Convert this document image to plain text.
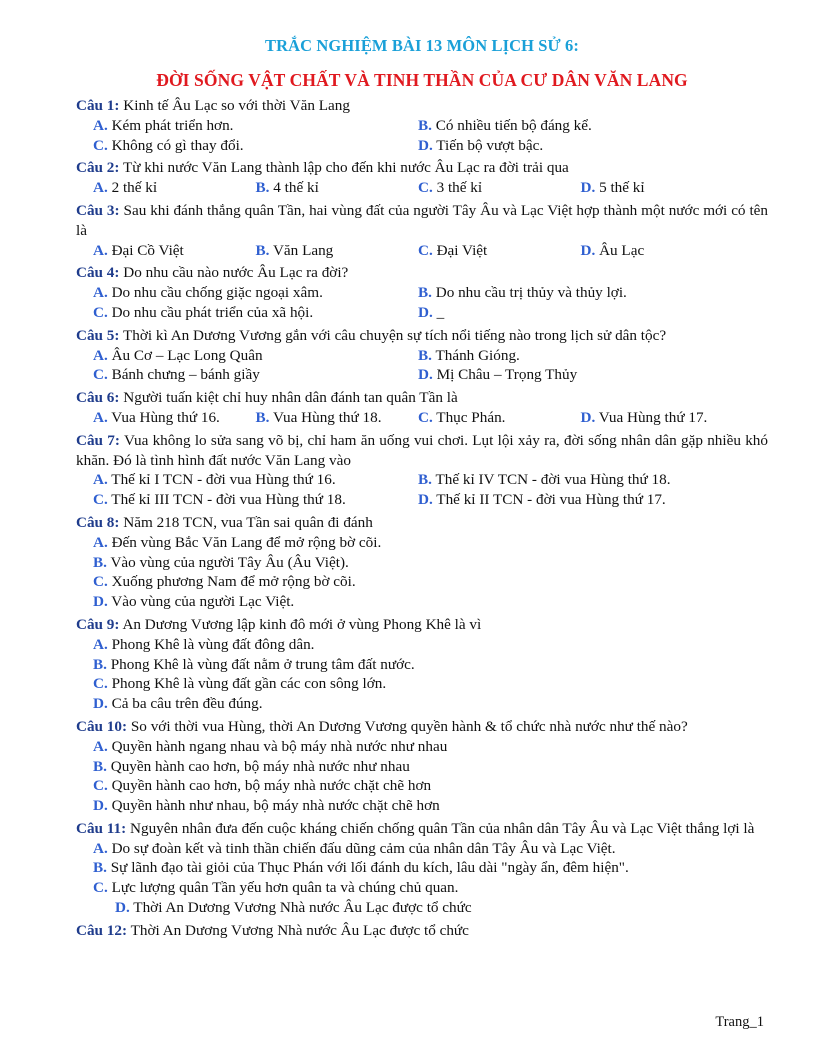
TRẮC NGHIỆM BÀI 13 MÔN LỊCH SỬ 6:
ĐỜI SỐNG VẬT CHẤT VÀ TINH THẦN CỦA CƯ DÂN VĂN LANG
Câu 1: Kinh tế Âu Lạc so với thời Văn Lang
A. Kém phát triển hơn.	B. Có nhiều tiến bộ đáng kể.
C. Không có gì thay đổi.	D. Tiến bộ vượt bậc.
Câu 2: Từ khi nước Văn Lang thành lập cho đến khi nước Âu Lạc ra đời trải qua
A. 2 thế kỉ	B. 4 thế kỉ	C. 3 thế kỉ	D. 5 thế kỉ
Câu 3: Sau khi đánh thắng quân Tần, hai vùng đất của người Tây Âu và Lạc Việt hợp thành một nước mới có tên là
A. Đại Cồ Việt	B. Văn Lang	C. Đại Việt	D. Âu Lạc
Câu 4: Do nhu cầu nào nước Âu Lạc ra đời?
A. Do nhu cầu chống giặc ngoại xâm.	B. Do nhu cầu trị thủy và thủy lợi.
C. Do nhu cầu phát triển của xã hội.	D. _
Câu 5: Thời kì An Dương Vương gắn với câu chuyện sự tích nổi tiếng nào trong lịch sử dân tộc?
A. Âu Cơ – Lạc Long Quân	B. Thánh Gióng.
C. Bánh chưng – bánh giầy	D. Mị Châu – Trọng Thủy
Câu 6: Người tuấn kiệt chỉ huy nhân dân đánh tan quân Tần là
A. Vua Hùng thứ 16.	B. Vua Hùng thứ 18.	C. Thục Phán.	D. Vua Hùng thứ 17.
Câu 7: Vua không lo sửa sang võ bị, chỉ ham ăn uống vui chơi. Lụt lội xảy ra, đời sống nhân dân gặp nhiều khó khăn. Đó là tình hình đất nước Văn Lang vào
A. Thế kỉ I TCN - đời vua Hùng thứ 16.	B. Thế kỉ IV TCN - đời vua Hùng thứ 18.
C. Thế kỉ III TCN - đời vua Hùng thứ 18.	D. Thế kỉ II TCN - đời vua Hùng thứ 17.
Câu 8: Năm 218 TCN, vua Tần sai quân đi đánh
A. Đến vùng Bắc Văn Lang để mở rộng bờ cõi.
B. Vào vùng của người Tây Âu (Âu Việt).
C. Xuống phương Nam để mở rộng bờ cõi.
D. Vào vùng của người Lạc Việt.
Câu 9: An Dương Vương lập kinh đô mới ở vùng Phong Khê là vì
A. Phong Khê là vùng đất đông dân.
B. Phong Khê là vùng đất nằm ở trung tâm đất nước.
C. Phong Khê là vùng đất gần các con sông lớn.
D. Cả ba câu trên đều đúng.
Câu 10: So với thời vua Hùng, thời An Dương Vương quyền hành & tổ chức nhà nước như thế nào?
A. Quyền hành ngang nhau và bộ máy nhà nước như nhau
B. Quyền hành cao hơn, bộ máy nhà nước như nhau
C. Quyền hành cao hơn, bộ máy nhà nước chặt chẽ hơn
D. Quyền hành như nhau, bộ máy nhà nước chặt chẽ hơn
Câu 11: Nguyên nhân đưa đến cuộc kháng chiến chống quân Tần của nhân dân Tây Âu và Lạc Việt thắng lợi là
A. Do sự đoàn kết và tinh thần chiến đấu dũng cảm của nhân dân Tây Âu và Lạc Việt.
B. Sự lãnh đạo tài giỏi của Thục Phán với lối đánh du kích, lâu dài "ngày ẩn, đêm hiện".
C. Lực lượng quân Tần yếu hơn quân ta và chúng chủ quan.
D. Thời An Dương Vương Nhà nước Âu Lạc được tổ chức
Câu 12: Thời An Dương Vương Nhà nước Âu Lạc được tổ chức
Trang_1
